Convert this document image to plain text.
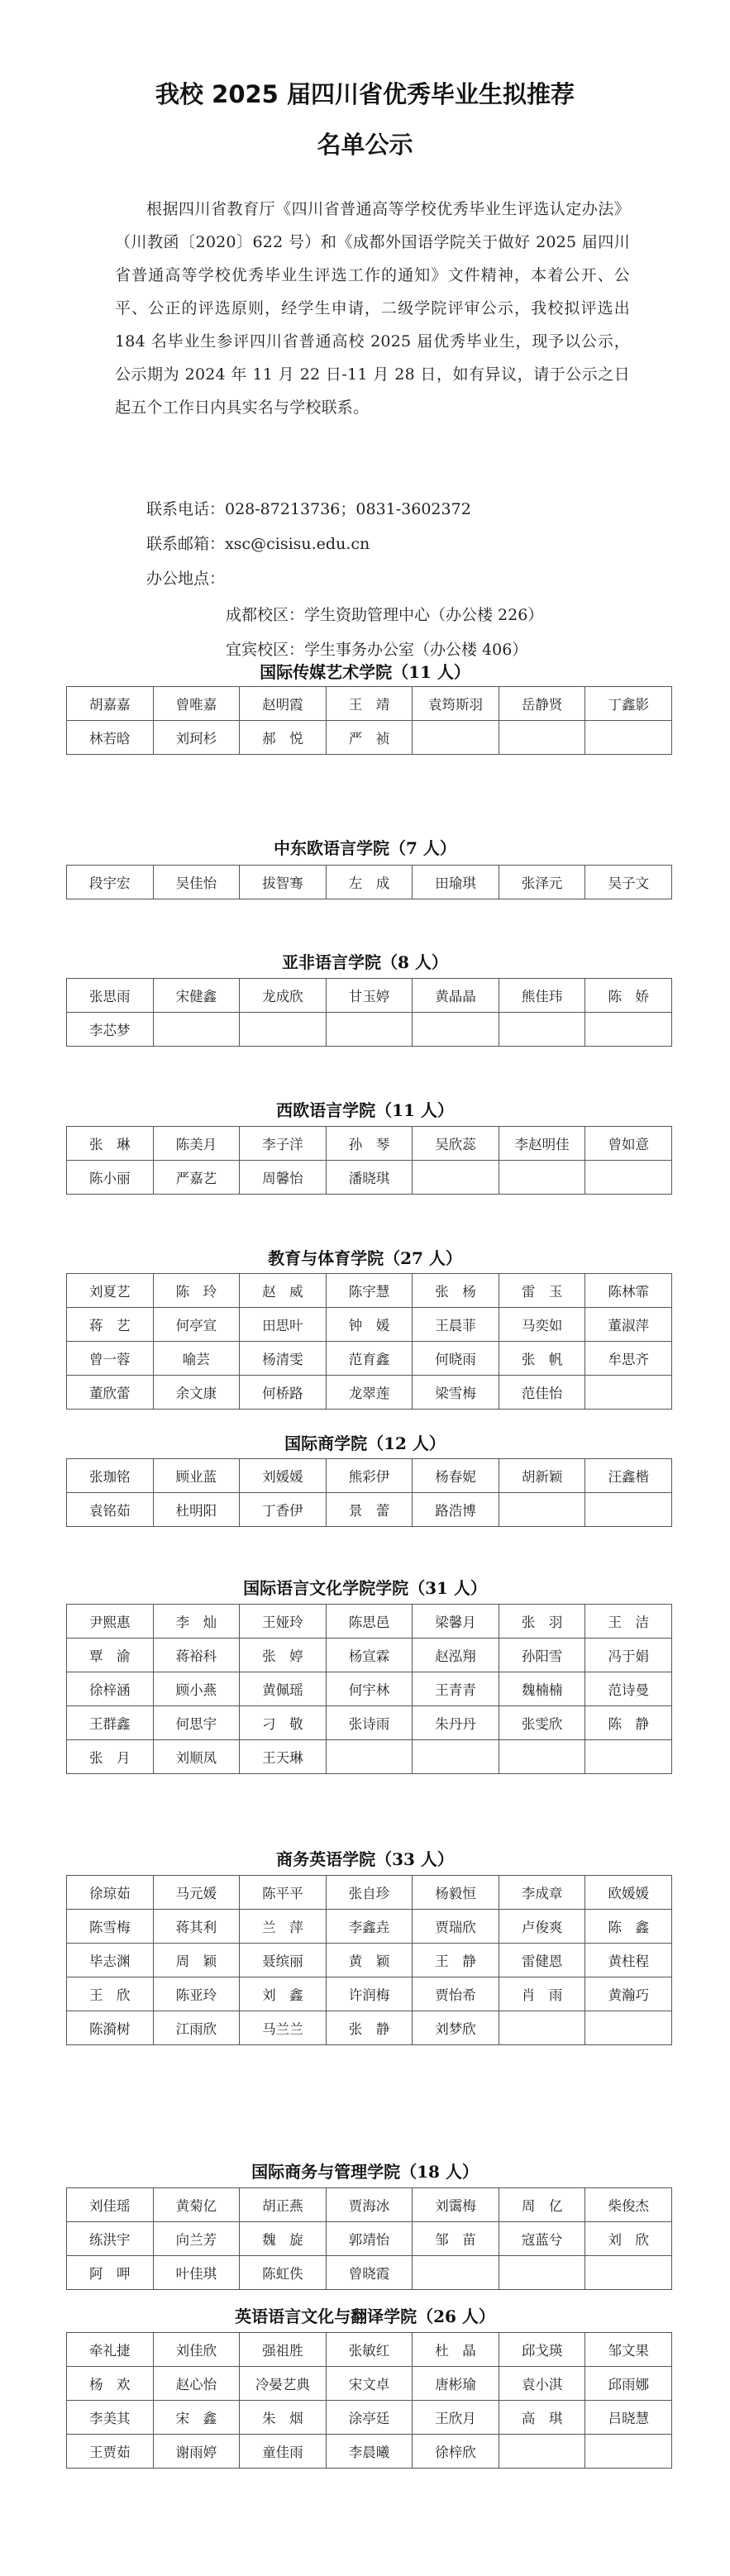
我校 2025 届四川省优秀毕业生拟推荐
名单公示
根据四川省教育厅《四川省普通高等学校优秀毕业生评选认定办法》（川教函〔2020〕622 号）和《成都外国语学院关于做好 2025 届四川省普通高等学校优秀毕业生评选工作的通知》文件精神，本着公开、公平、公正的评选原则，经学生申请，二级学院评审公示，我校拟评选出 184 名毕业生参评四川省普通高校 2025 届优秀毕业生，现予以公示，公示期为 2024 年 11 月 22 日-11 月 28 日，如有异议，请于公示之日起五个工作日内具实名与学校联系。
联系电话：028-87213736；0831-3602372
联系邮箱：xsc@cisisu.edu.cn
办公地点：
成都校区：学生资助管理中心（办公楼 226）
宜宾校区：学生事务办公室（办公楼 406）
国际传媒艺术学院（11 人）
胡嘉嘉	曾唯嘉	赵明霞	王　靖	袁筠斯羽	岳静贤	丁鑫影
林若晗	刘珂杉	郝　悦	严　祯			
中东欧语言学院（7 人）
段宇宏	吴佳怡	拔智骞	左　成	田瑜琪	张泽元	吴子文
亚非语言学院（8 人）
张思雨	宋健鑫	龙成欣	甘玉婷	黄晶晶	熊佳玮	陈　娇
李芯梦						
西欧语言学院（11 人）
张　琳	陈美月	李子洋	孙　琴	吴欣蕊	李赵明佳	曾如意
陈小丽	严嘉艺	周馨怡	潘晓琪			
教育与体育学院（27 人）
刘夏艺	陈　玲	赵　威	陈宇慧	张　杨	雷　玉	陈林霏
蒋　艺	何亭宣	田思叶	钟　媛	王晨菲	马奕如	董淑萍
曾一蓉	喻芸	杨清雯	范育鑫	何晓雨	张　帆	牟思齐
董欣蕾	余文康	何桥路	龙翠莲	梁雪梅	范佳怡	
国际商学院（12 人）
张珈铭	顾业蓝	刘媛媛	熊彩伊	杨春妮	胡新颖	汪鑫楷
袁铭茹	杜明阳	丁香伊	景　蕾	路浩博		
国际语言文化学院学院（31 人）
尹熙惠	李　灿	王娅玲	陈思邑	梁馨月	张　羽	王　洁
覃　渝	蒋裕科	张　婷	杨宣霖	赵泓翔	孙阳雪	冯于娟
徐梓涵	顾小燕	黄佩瑶	何宇林	王青青	魏楠楠	范诗曼
王群鑫	何思宇	刁　敬	张诗雨	朱丹丹	张雯欣	陈　静
张　月	刘顺凤	王天琳				
商务英语学院（33 人）
徐琼茹	马元媛	陈平平	张自珍	杨毅恒	李成章	欧媛媛
陈雪梅	蒋其利	兰　萍	李鑫垚	贾瑞欣	卢俊爽	陈　鑫
毕志渊	周　颖	聂缤丽	黄　颖	王　静	雷健恩	黄柱程
王　欣	陈亚玲	刘　鑫	许润梅	贾怡希	肖　雨	黄瀚巧
陈漪树	江雨欣	马兰兰	张　静	刘梦欣		
国际商务与管理学院（18 人）
刘佳瑶	黄菊亿	胡正燕	贾海冰	刘霭梅	周　亿	柴俊杰
练洪宇	向兰芳	魏　旋	郭靖怡	邹　苗	寇蓝兮	刘　欣
阿　呷	叶佳琪	陈虹佚	曾晓霞			
英语语言文化与翻译学院（26 人）
牵礼捷	刘佳欣	强祖胜	张敏红	杜　晶	邱戈瑛	邹文果
杨　欢	赵心怡	冷晏艺典	宋文卓	唐彬瑜	袁小淇	邱雨娜
李美其	宋　鑫	朱　烟	涂亭廷	王欣月	高　琪	吕晓慧
王贾茹	谢雨婷	童佳雨	李晨曦	徐梓欣		
